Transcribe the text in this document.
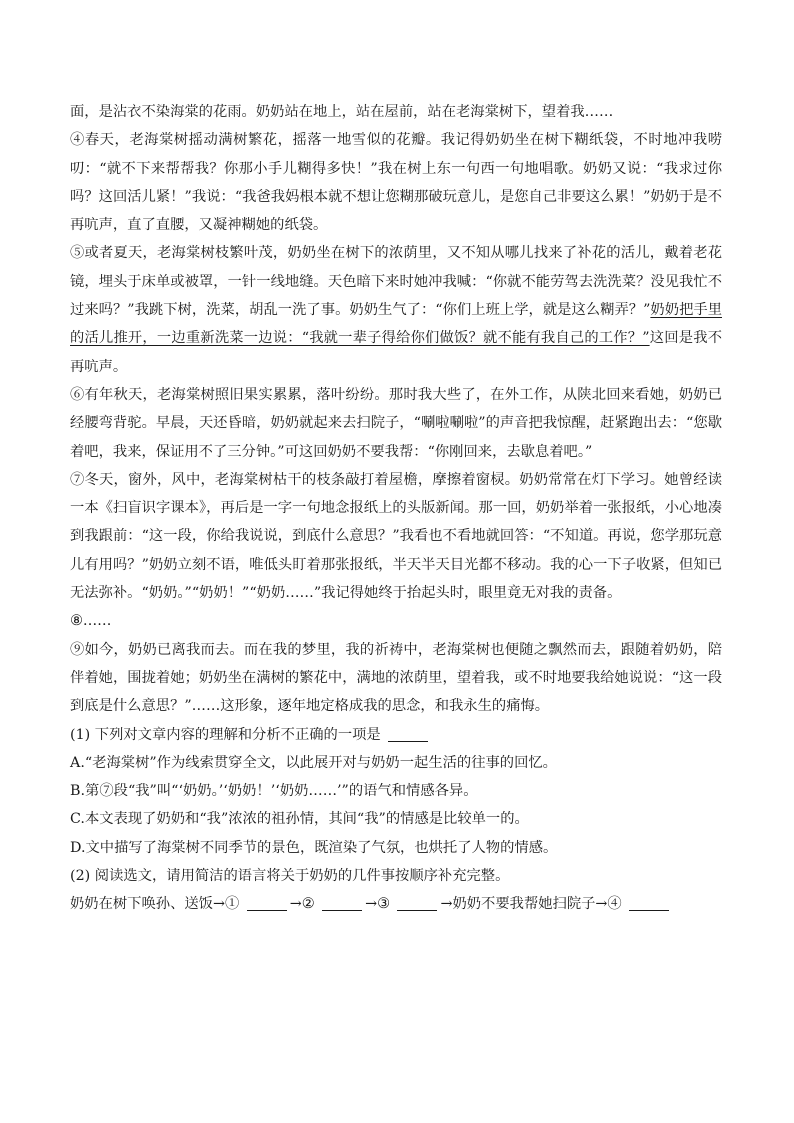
面，是沾衣不染海棠的花雨。奶奶站在地上，站在屋前，站在老海棠树下，望着我……

④春天，老海棠树摇动满树繁花，摇落一地雪似的花瓣。我记得奶奶坐在树下糊纸袋，不时地冲我唠叨：“就不下来帮帮我？你那小手儿糊得多快！”我在树上东一句西一句地唱歌。奶奶又说：“我求过你吗？这回活儿紧！”我说：“我爸我妈根本就不想让您糊那破玩意儿，是您自己非要这么累！”奶奶于是不再吭声，直了直腰，又凝神糊她的纸袋。

⑤或者夏天，老海棠树枝繁叶茂，奶奶坐在树下的浓荫里，又不知从哪儿找来了补花的活儿，戴着老花镜，埋头于床单或被罩，一针一线地缝。天色暗下来时她冲我喊：“你就不能劳驾去洗洗菜？没见我忙不过来吗？”我跳下树，洗菜，胡乱一洗了事。奶奶生气了：“你们上班上学，就是这么糊弄？”奶奶把手里的活儿推开，一边重新洗菜一边说：“我就一辈子得给你们做饭？就不能有我自己的工作？”这回是我不再吭声。

⑥有年秋天，老海棠树照旧果实累累，落叶纷纷。那时我大些了，在外工作，从陕北回来看她，奶奶已经腰弯背驼。早晨，天还昏暗，奶奶就起来去扫院子，“唰啦唰啦”的声音把我惊醒，赶紧跑出去：“您歇着吧，我来，保证用不了三分钟。”可这回奶奶不要我帮：“你刚回来，去歇息着吧。”

⑦冬天，窗外，风中，老海棠树枯干的枝条敲打着屋檐，摩擦着窗棂。奶奶常常在灯下学习。她曾经读一本《扫盲识字课本》，再后是一字一句地念报纸上的头版新闻。那一回，奶奶举着一张报纸，小心地凑到我跟前：“这一段，你给我说说，到底什么意思？”我看也不看地就回答：“不知道。再说，您学那玩意儿有用吗？”奶奶立刻不语，唯低头盯着那张报纸，半天半天目光都不移动。我的心一下子收紧，但知已无法弥补。“奶奶。”“奶奶！”“奶奶……”我记得她终于抬起头时，眼里竟无对我的责备。

⑧……

⑨如今，奶奶已离我而去。而在我的梦里，我的祈祷中，老海棠树也便随之飘然而去，跟随着奶奶，陪伴着她，围拢着她；奶奶坐在满树的繁花中，满地的浓荫里，望着我，或不时地要我给她说说：“这一段到底是什么意思？”……这形象，逐年地定格成我的思念，和我永生的痛悔。

(1) 下列对文章内容的理解和分析不正确的一项是

A.“老海棠树”作为线索贯穿全文，以此展开对与奶奶一起生活的往事的回忆。

B.第⑦段“我”叫“‘奶奶。’‘奶奶！’‘奶奶……’”的语气和情感各异。

C.本文表现了奶奶和“我”浓浓的祖孙情，其间“我”的情感是比较单一的。

D.文中描写了海棠树不同季节的景色，既渲染了气氛，也烘托了人物的情感。

(2) 阅读选文，请用简洁的语言将关于奶奶的几件事按顺序补充完整。

奶奶在树下唤孙、送饭→①	→②	→③	→奶奶不要我帮她扫院子→④
